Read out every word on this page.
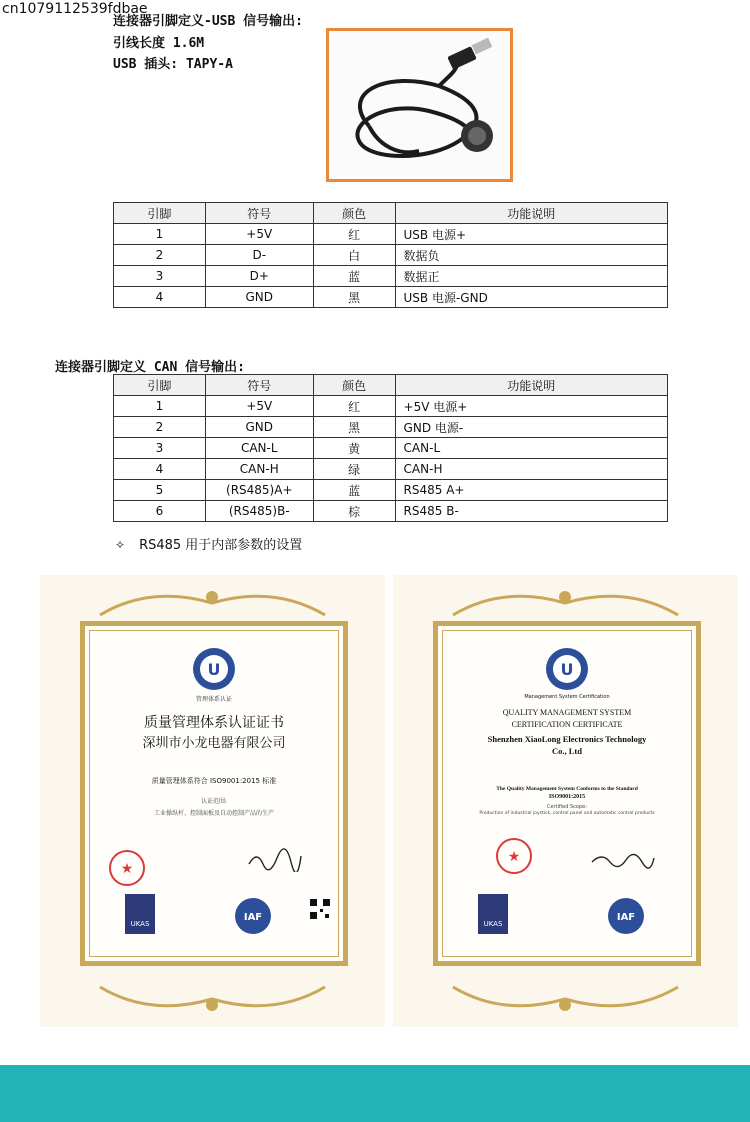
cn1079112539fdbae
连接器引脚定义-USB 信号输出:
引线长度 1.6M
USB 插头: TAPY-A
引脚	符号	颜色	功能说明
1	+5V	红	USB 电源+
2	D-	白	数据负
3	D+	蓝	数据正
4	GND	黑	USB 电源-GND
连接器引脚定义 CAN 信号输出:
引脚	符号	颜色	功能说明
1	+5V	红	+5V 电源+
2	GND	黑	GND 电源-
3	CAN-L	黄	CAN-L
4	CAN-H	绿	CAN-H
5	(RS485)A+	蓝	RS485 A+
6	(RS485)B-	棕	RS485 B-
✧ RS485 用于内部参数的设置
U
管理体系认证
质量管理体系认证证书
深圳市小龙电器有限公司
质量管理体系符合 ISO9001:2015 标准
认证范围:
工业操纵杆、控制面板及自动控制产品的生产
★
UKAS
IAF
U
Management System Certification
QUALITY MANAGEMENT SYSTEM
CERTIFICATION CERTIFICATE
Shenzhen XiaoLong Electronics Technology
Co., Ltd
The Quality Management System Conforms to the Standard
ISO9001:2015
Certified Scope:
Production of industrial joystick, control panel and automatic control products
★
UKAS
IAF
